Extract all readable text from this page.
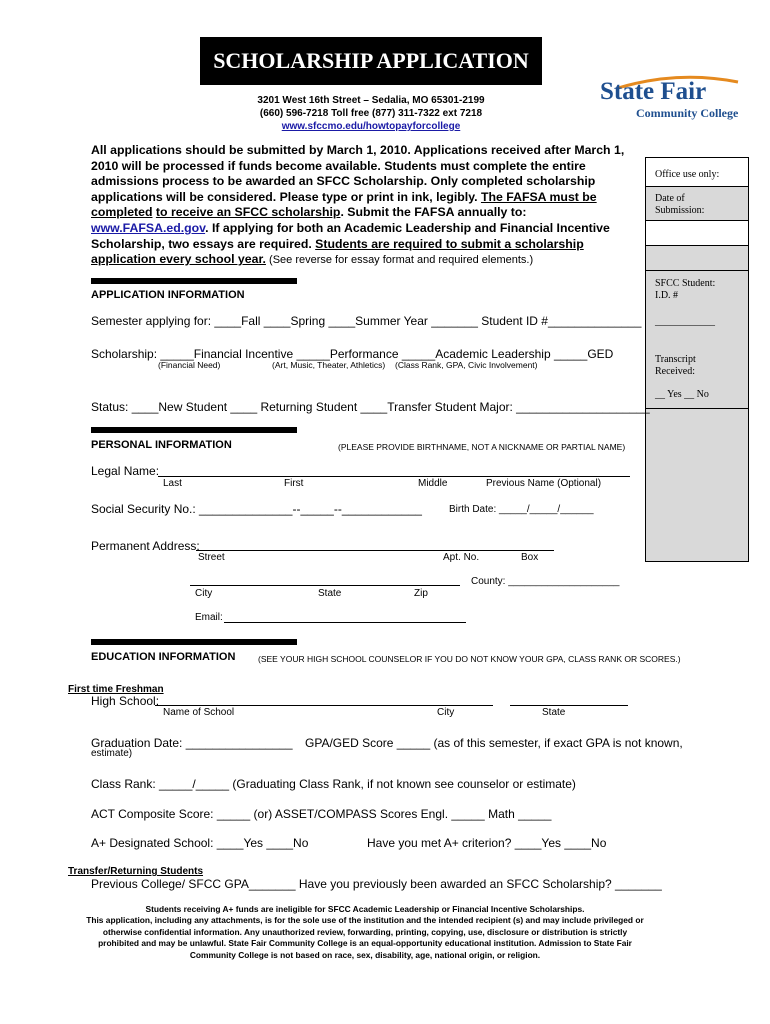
SCHOLARSHIP APPLICATION
3201 West 16th Street – Sedalia, MO 65301-2199
(660) 596-7218 Toll free (877) 311-7322 ext 7218
www.sfccmo.edu/howtopayforcollege
State Fair
Community College
All applications should be submitted by March 1, 2010. Applications received after March 1, 2010 will be processed if funds become available. Students must complete the entire admissions process to be awarded an SFCC Scholarship. Only completed scholarship applications will be considered. Please type or print in ink, legibly. The FAFSA must be completed to receive an SFCC scholarship. Submit the FAFSA annually to: www.FAFSA.ed.gov. If applying for both an Academic Leadership and Financial Incentive Scholarship, two essays are required. Students are required to submit a scholarship application every school year. (See reverse for essay format and required elements.)
Office use only:
Date of
Submission:
SFCC Student:
I.D. #
____________
Transcript
Received:
__ Yes __ No
APPLICATION INFORMATION
Semester applying for: ____Fall ____Spring ____Summer Year _______ Student ID #______________
Scholarship: _____Financial Incentive _____Performance _____Academic Leadership _____GED
(Financial Need)	(Art, Music, Theater, Athletics) (Class Rank, GPA, Civic Involvement)
Status: ____New Student ____ Returning Student ____Transfer Student Major: ____________________
PERSONAL INFORMATION	(PLEASE PROVIDE BIRTHNAME, NOT A NICKNAME OR PARTIAL NAME)
Legal Name:
Last	First	Middle	Previous Name (Optional)
Social Security No.: ______________--_____--____________	Birth Date: _____/_____/______
Permanent Address:
Street	Apt. No.	Box
County: ____________________
City	State	Zip
Email:
EDUCATION INFORMATION	(SEE YOUR HIGH SCHOOL COUNSELOR IF YOU DO NOT KNOW YOUR GPA, CLASS RANK OR SCORES.)
First time Freshman
High School:
Name of School	City	State
Graduation Date: ________________ GPA/GED Score _____ (as of this semester, if exact GPA is not known,
estimate)
Class Rank: _____/_____ (Graduating Class Rank, if not known see counselor or estimate)
ACT Composite Score: _____ (or) ASSET/COMPASS Scores Engl. _____ Math _____
A+ Designated School: ____Yes ____No	Have you met A+ criterion? ____Yes ____No
Transfer/Returning Students
Previous College/ SFCC GPA_______ Have you previously been awarded an SFCC Scholarship? _______
Students receiving A+ funds are ineligible for SFCC Academic Leadership or Financial Incentive Scholarships.
This application, including any attachments, is for the sole use of the institution and the intended recipient (s) and may include privileged or otherwise confidential information. Any unauthorized review, forwarding, printing, copying, use, disclosure or distribution is strictly prohibited and may be unlawful. State Fair Community College is an equal-opportunity educational institution. Admission to State Fair Community College is not based on race, sex, disability, age, national origin, or religion.
